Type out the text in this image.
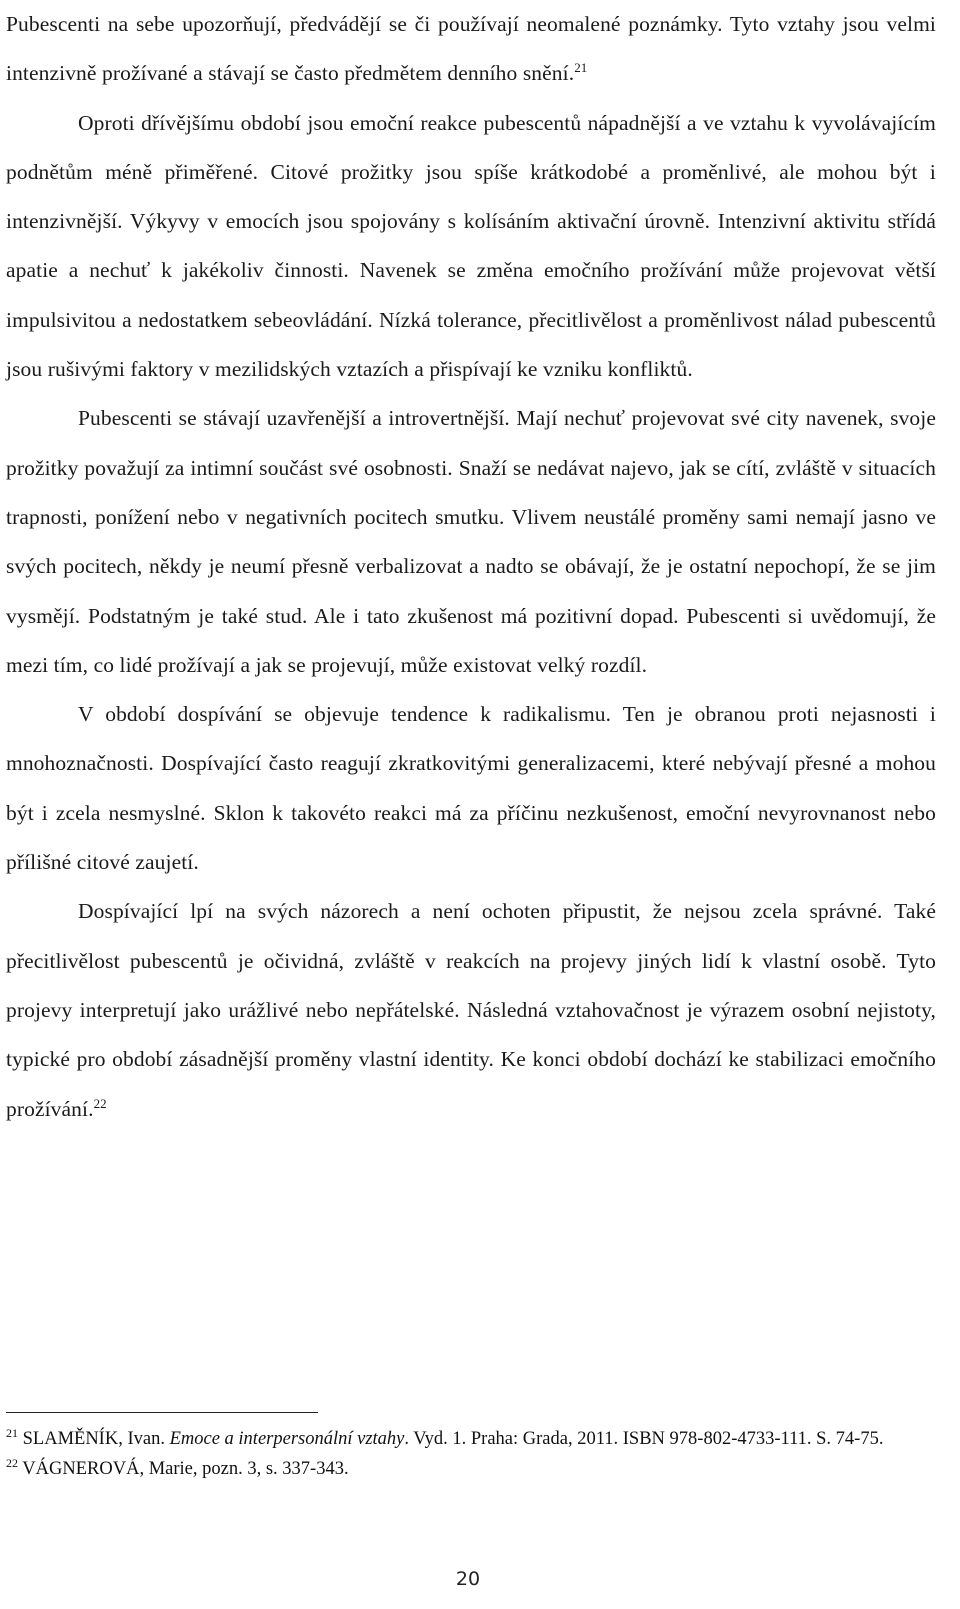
Pubescenti na sebe upozorňují, předvádějí se či používají neomalené poznámky. Tyto vztahy jsou velmi intenzivně prožívané a stávají se často předmětem denního snění.$^{21}$

Oproti dřívějšímu období jsou emoční reakce pubescentů nápadnější a ve vztahu k vyvolávajícím podnětům méně přiměřené. Citové prožitky jsou spíše krátkodobé a proměnlivé, ale mohou být i intenzivnější. Výkyvy v emocích jsou spojovány s kolísáním aktivační úrovně. Intenzivní aktivitu střídá apatie a nechuť k jakékoliv činnosti. Navenek se změna emočního prožívání může projevovat větší impulsivitou a nedostatkem sebeovládání. Nízká tolerance, přecitlivělost a proměnlivost nálad pubescentů jsou rušivými faktory v mezilidských vztazích a přispívají ke vzniku konfliktů.

Pubescenti se stávají uzavřenější a introvertnější. Mají nechuť projevovat své city navenek, svoje prožitky považují za intimní součást své osobnosti. Snaží se nedávat najevo, jak se cítí, zvláště v situacích trapnosti, ponížení nebo v negativních pocitech smutku. Vlivem neustálé proměny sami nemají jasno ve svých pocitech, někdy je neumí přesně verbalizovat a nadto se obávají, že je ostatní nepochopí, že se jim vysmějí. Podstatným je také stud. Ale i tato zkušenost má pozitivní dopad. Pubescenti si uvědomují, že mezi tím, co lidé prožívají a jak se projevují, může existovat velký rozdíl.

V období dospívání se objevuje tendence k radikalismu. Ten je obranou proti nejasnosti i mnohoznačnosti. Dospívající často reagují zkratkovitými generalizacemi, které nebývají přesné a mohou být i zcela nesmyslné. Sklon k takovéto reakci má za příčinu nezkušenost, emoční nevyrovnanost nebo přílišné citové zaujetí.

Dospívající lpí na svých názorech a není ochoten připustit, že nejsou zcela správné. Také přecitlivělost pubescentů je očividná, zvláště v reakcích na projevy jiných lidí k vlastní osobě. Tyto projevy interpretují jako urážlivé nebo nepřátelské. Následná vztahovačnost je výrazem osobní nejistoty, typické pro období zásadnější proměny vlastní identity. Ke konci období dochází ke stabilizaci emočního prožívání.$^{22}$

$^{21}$ SLAMĚNÍK, Ivan. Emoce a interpersonální vztahy. Vyd. 1. Praha: Grada, 2011. ISBN 978-802-4733-111. S. 74-75.

$^{22}$ VÁGNEROVÁ, Marie, pozn. 3, s. 337-343.

20
